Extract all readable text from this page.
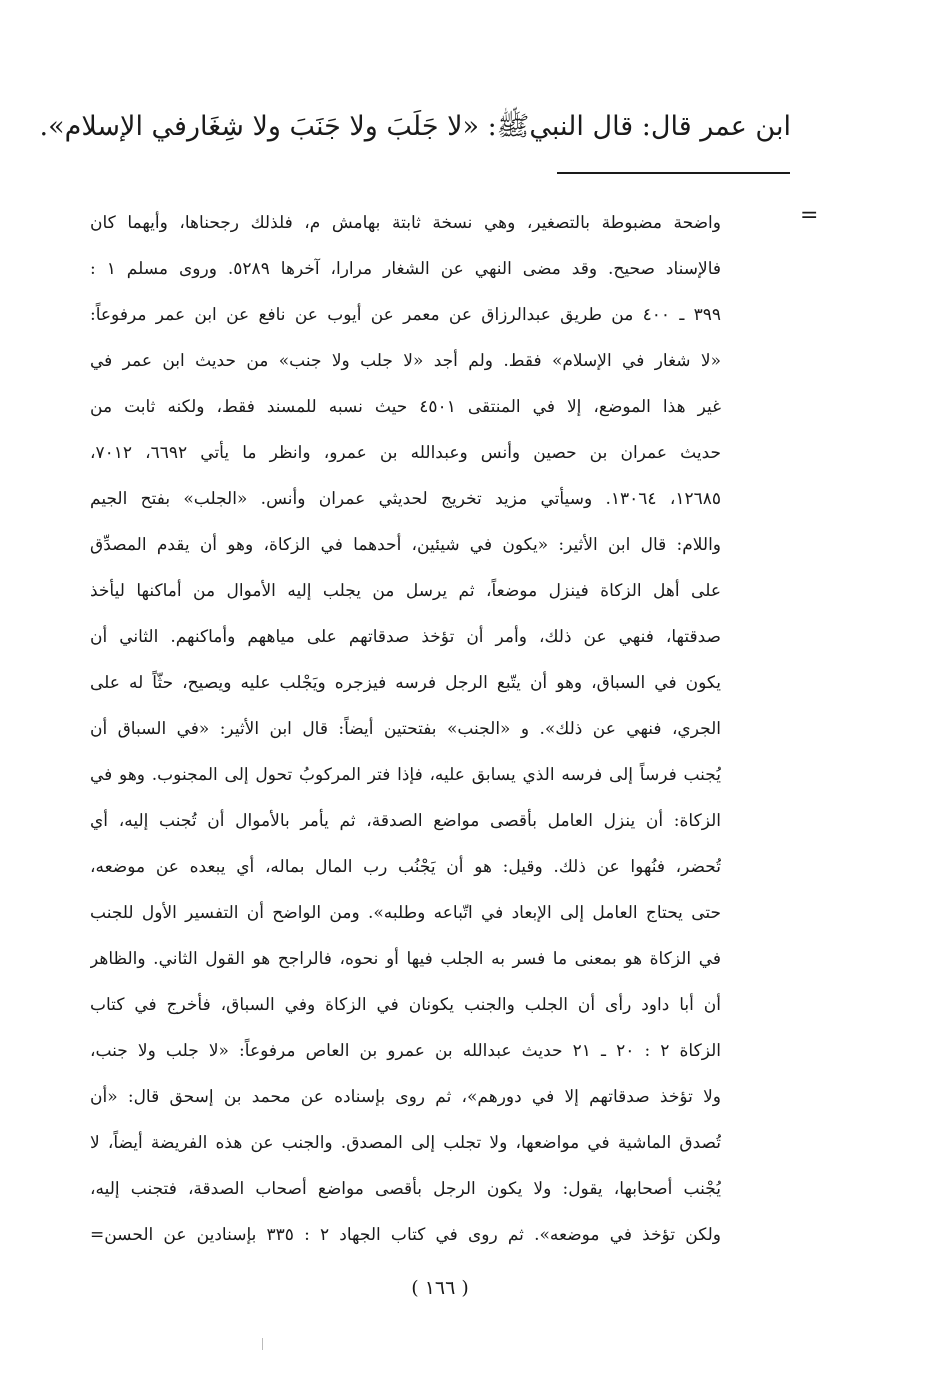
ابن عمر قال: قال النبيﷺ: «لا جَلَبَ ولا جَنَبَ ولا شِغَارفي الإسلام».
=
واضحة مضبوطة بالتصغير، وهي نسخة ثابتة بهامش م، فلذلك رجحناها، وأيهما كان
فالإسناد صحيح. وقد مضى النهي عن الشغار مرارا، آخرها ٥٢٨٩. وروى مسلم ١ :
٣٩٩ ـ ٤٠٠ من طريق عبدالرزاق عن معمر عن أيوب عن نافع عن ابن عمر مرفوعاً:
«لا شغار في الإسلام» فقط. ولم أجد «لا جلب ولا جنب» من حديث ابن عمر في
غير هذا الموضع، إلا في المنتقى ٤٥٠١ حيث نسبه للمسند فقط، ولكنه ثابت من
حديث عمران بن حصين وأنس وعبدالله بن عمرو، وانظر ما يأتي ٦٦٩٢، ٧٠١٢،
١٢٦٨٥، ١٣٠٦٤. وسيأتي مزيد تخريج لحديثي عمران وأنس. «الجلب» بفتح الجيم
واللام: قال ابن الأثير: «يكون في شيئين، أحدهما في الزكاة، وهو أن يقدم المصدِّق
على أهل الزكاة فينزل موضعاً، ثم يرسل من يجلب إليه الأموال من أماكنها ليأخذ
صدقتها، فنهي عن ذلك، وأمر أن تؤخذ صدقاتهم على مياههم وأماكنهم. الثاني أن
يكون في السباق، وهو أن يتّبع الرجل فرسه فيزجره ويَجْلب عليه ويصيح، حثّاً له على
الجري، فنهي عن ذلك». و «الجنب» بفتحتين أيضاً: قال ابن الأثير: «في السباق أن
يُجنب فرساً إلى فرسه الذي يسابق عليه، فإذا فتر المركوبُ تحول إلى المجنوب. وهو في
الزكاة: أن ينزل العامل بأقصى مواضع الصدقة، ثم يأمر بالأموال أن تُجنب إليه، أي
تُحضر، فنُهوا عن ذلك. وقيل: هو أن يَجْنُب رب المال بماله، أي يبعده عن موضعه،
حتى يحتاج العامل إلى الإبعاد في اتّباعه وطلبه». ومن الواضح أن التفسير الأول للجنب
في الزكاة هو بمعنى ما فسر به الجلب فيها أو نحوه، فالراجح هو القول الثاني. والظاهر
أن أبا داود رأى أن الجلب والجنب يكونان في الزكاة وفي السباق، فأخرج في كتاب
الزكاة ٢ : ٢٠ ـ ٢١ حديث عبدالله بن عمرو بن العاص مرفوعاً: «لا جلب ولا جنب،
ولا تؤخذ صدقاتهم إلا في دورهم»، ثم روى بإسناده عن محمد بن إسحق قال: «أن
تُصدق الماشية في مواضعها، ولا تجلب إلى المصدق. والجنب عن هذه الفريضة أيضاً، لا
يُجْنب أصحابها، يقول: ولا يكون الرجل بأقصى مواضع أصحاب الصدقة، فتجنب إليه،
ولكن تؤخذ في موضعه». ثم روى في كتاب الجهاد ٢ : ٣٣٥ بإسنادين عن الحسن=
( ١٦٦ )
